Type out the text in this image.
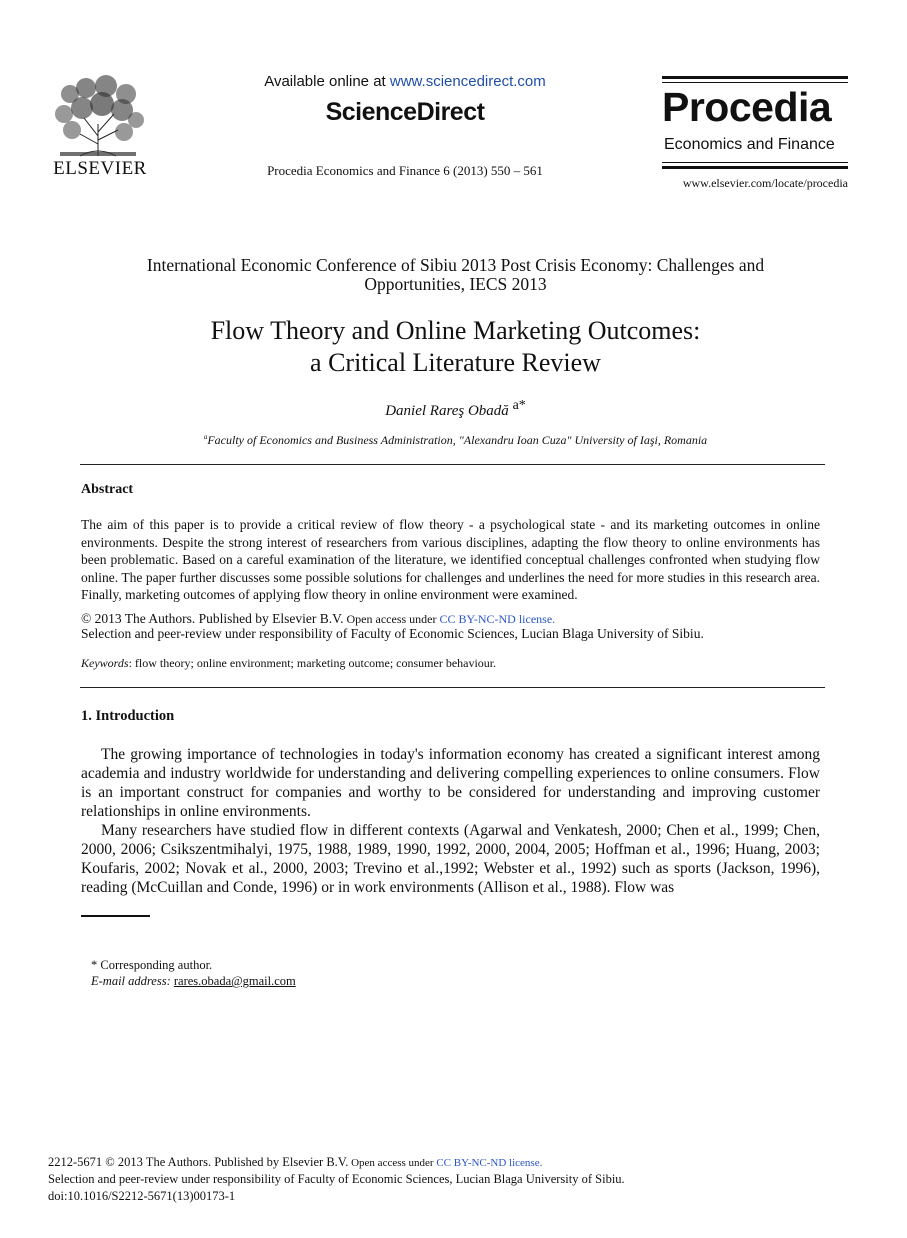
ELSEVIER
Available online at www.sciencedirect.com
ScienceDirect
Procedia Economics and Finance 6 (2013) 550 – 561
Procedia
Economics and Finance
www.elsevier.com/locate/procedia
International Economic Conference of Sibiu 2013 Post Crisis Economy: Challenges and Opportunities, IECS 2013
Flow Theory and Online Marketing Outcomes:
a Critical Literature Review
Daniel Rareş Obadă $^{a*}$
$^a$Faculty of Economics and Business Administration, "Alexandru Ioan Cuza" University of Iaşi, Romania
Abstract
The aim of this paper is to provide a critical review of flow theory - a psychological state - and its marketing outcomes in online environments. Despite the strong interest of researchers from various disciplines, adapting the flow theory to online environments has been problematic. Based on a careful examination of the literature, we identified conceptual challenges confronted when studying flow online. The paper further discusses some possible solutions for challenges and underlines the need for more studies in this research area. Finally, marketing outcomes of applying flow theory in online environment were examined.
© 2013 The Authors. Published by Elsevier B.V. Open access under CC BY-NC-ND license.
Selection and peer-review under responsibility of Faculty of Economic Sciences, Lucian Blaga University of Sibiu.
Keywords: flow theory; online environment; marketing outcome; consumer behaviour.
1. Introduction
The growing importance of technologies in today's information economy has created a significant interest among academia and industry worldwide for understanding and delivering compelling experiences to online consumers. Flow is an important construct for companies and worthy to be considered for understanding and improving customer relationships in online environments.
Many researchers have studied flow in different contexts (Agarwal and Venkatesh, 2000; Chen et al., 1999; Chen, 2000, 2006; Csikszentmihalyi, 1975, 1988, 1989, 1990, 1992, 2000, 2004, 2005; Hoffman et al., 1996; Huang, 2003; Koufaris, 2002; Novak et al., 2000, 2003; Trevino et al.,1992; Webster et al., 1992) such as sports (Jackson, 1996), reading (McCuillan and Conde, 1996) or in work environments (Allison et al., 1988). Flow was
* Corresponding author.
E-mail address: rares.obada@gmail.com
2212-5671 © 2013 The Authors. Published by Elsevier B.V. Open access under CC BY-NC-ND license.
Selection and peer-review under responsibility of Faculty of Economic Sciences, Lucian Blaga University of Sibiu.
doi:10.1016/S2212-5671(13)00173-1
